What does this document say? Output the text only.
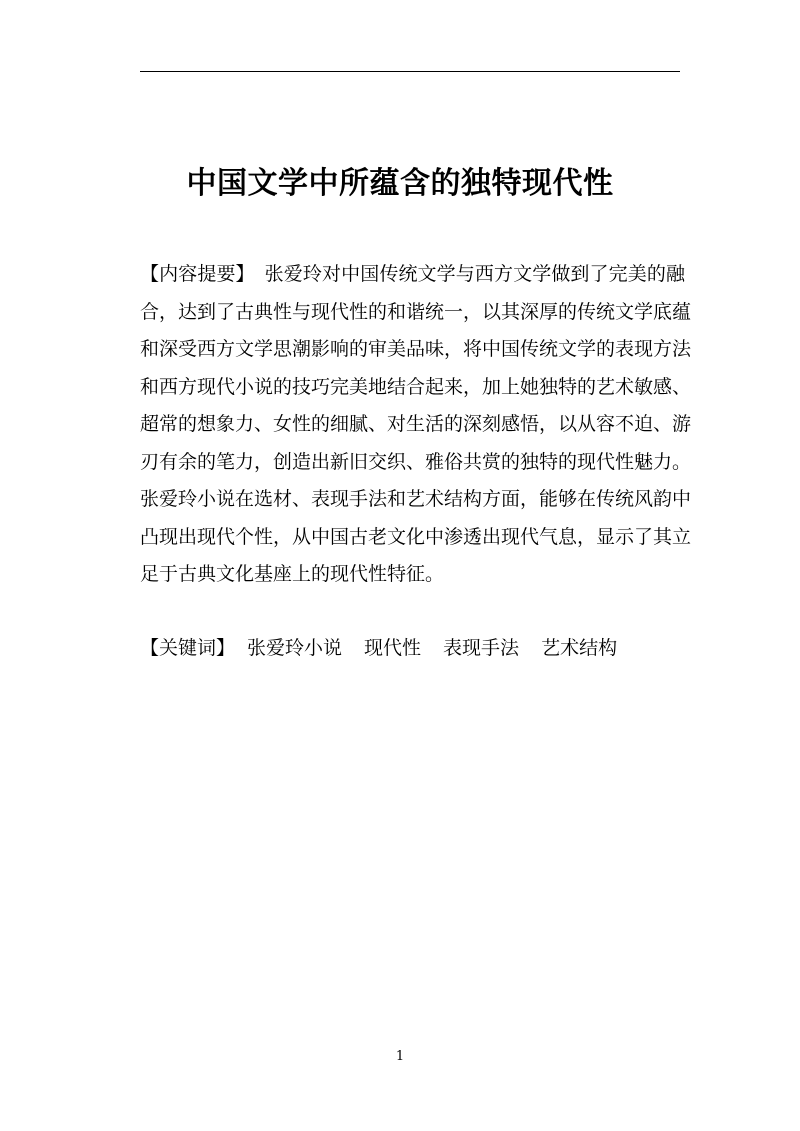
中国文学中所蕴含的独特现代性
【内容提要】 张爱玲对中国传统文学与西方文学做到了完美的融
合，达到了古典性与现代性的和谐统一，以其深厚的传统文学底蕴
和深受西方文学思潮影响的审美品味，将中国传统文学的表现方法
和西方现代小说的技巧完美地结合起来，加上她独特的艺术敏感、
超常的想象力、女性的细腻、对生活的深刻感悟，以从容不迫、游
刃有余的笔力，创造出新旧交织、雅俗共赏的独特的现代性魅力。
张爱玲小说在选材、表现手法和艺术结构方面，能够在传统风韵中
凸现出现代个性，从中国古老文化中渗透出现代气息，显示了其立
足于古典文化基座上的现代性特征。
【关键词】 张爱玲小说 现代性 表现手法 艺术结构
1
